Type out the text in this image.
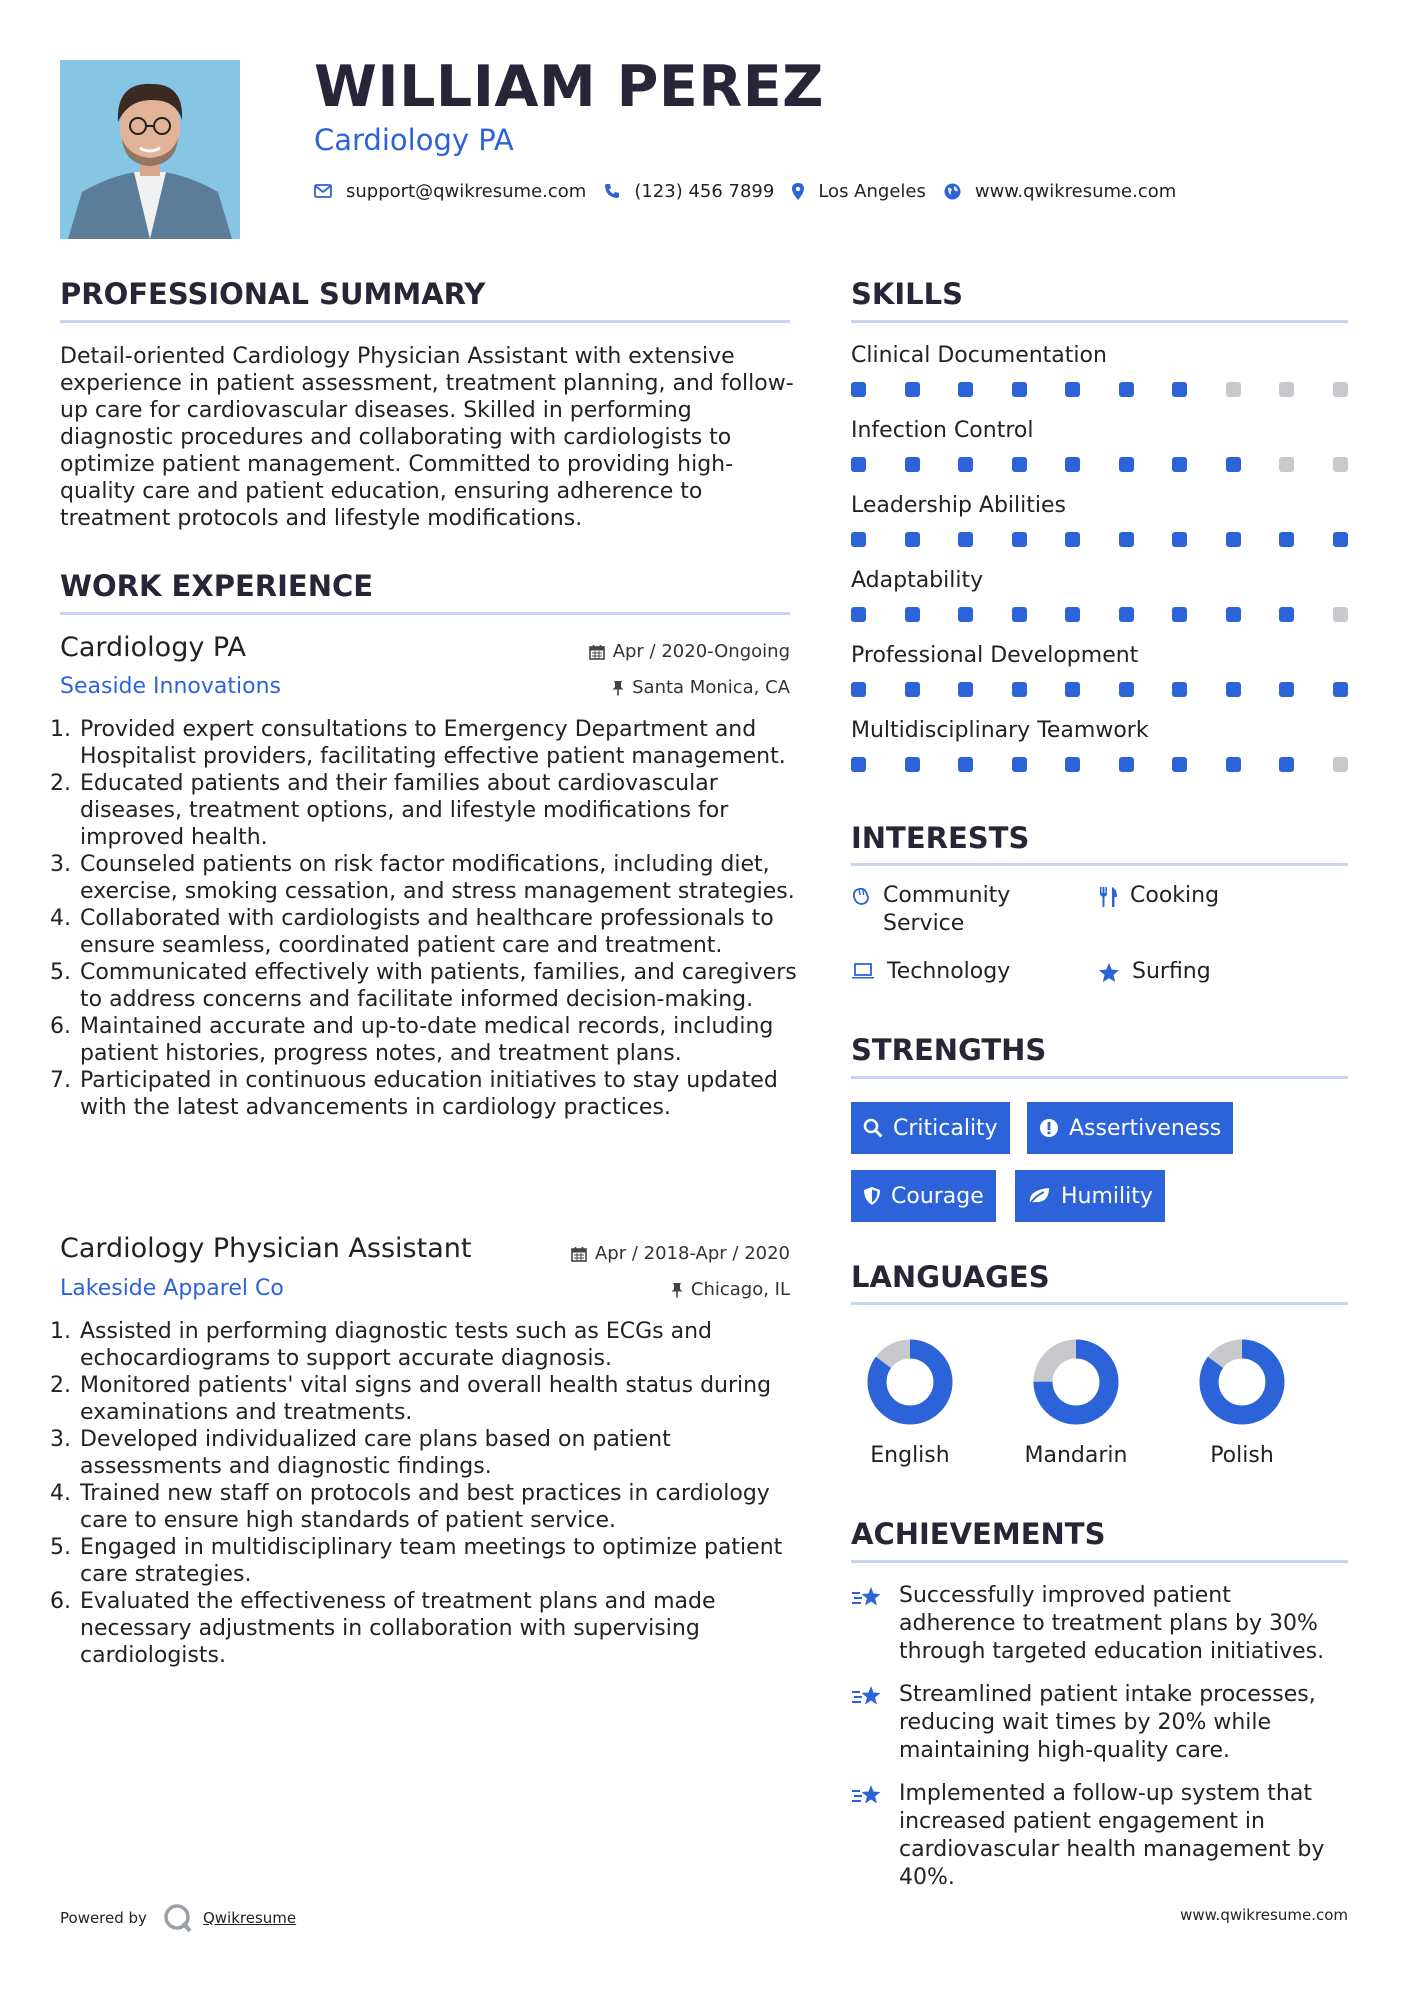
WILLIAM PEREZ
Cardiology PA
support@qwikresume.com	(123) 456 7899 Los Angeles	www.qwikresume.com
PROFESSIONAL SUMMARY
Detail-oriented Cardiology Physician Assistant with extensive experience in patient assessment, treatment planning, and follow-up care for cardiovascular diseases. Skilled in performing diagnostic procedures and collaborating with cardiologists to optimize patient management. Committed to providing high-quality care and patient education, ensuring adherence to treatment protocols and lifestyle modifications.
WORK EXPERIENCE
Cardiology PA	Apr / 2020-Ongoing
Seaside Innovations	Santa Monica, CA
1. Provided expert consultations to Emergency Department and Hospitalist providers, facilitating effective patient management.
2. Educated patients and their families about cardiovascular diseases, treatment options, and lifestyle modifications for improved health.
3. Counseled patients on risk factor modifications, including diet, exercise, smoking cessation, and stress management strategies.
4. Collaborated with cardiologists and healthcare professionals to ensure seamless, coordinated patient care and treatment.
5. Communicated effectively with patients, families, and caregivers to address concerns and facilitate informed decision-making.
6. Maintained accurate and up-to-date medical records, including patient histories, progress notes, and treatment plans.
7. Participated in continuous education initiatives to stay updated with the latest advancements in cardiology practices.
Cardiology Physician Assistant	Apr / 2018-Apr / 2020
Lakeside Apparel Co	Chicago, IL
1. Assisted in performing diagnostic tests such as ECGs and echocardiograms to support accurate diagnosis.
2. Monitored patients' vital signs and overall health status during examinations and treatments.
3. Developed individualized care plans based on patient assessments and diagnostic findings.
4. Trained new staff on protocols and best practices in cardiology care to ensure high standards of patient service.
5. Engaged in multidisciplinary team meetings to optimize patient care strategies.
6. Evaluated the effectiveness of treatment plans and made necessary adjustments in collaboration with supervising cardiologists.
SKILLS
Clinical Documentation
Infection Control
Leadership Abilities
Adaptability
Professional Development
Multidisciplinary Teamwork
INTERESTS
Community Service
Cooking
Technology	Surfing
STRENGTHS
Criticality	Assertiveness
Courage	Humility
LANGUAGES
English	Mandarin	Polish
ACHIEVEMENTS
Successfully improved patient adherence to treatment plans by 30% through targeted education initiatives.
Streamlined patient intake processes, reducing wait times by 20% while maintaining high-quality care.
Implemented a follow-up system that increased patient engagement in cardiovascular health management by 40%.
Powered by	Qwikresume	www.qwikresume.com
